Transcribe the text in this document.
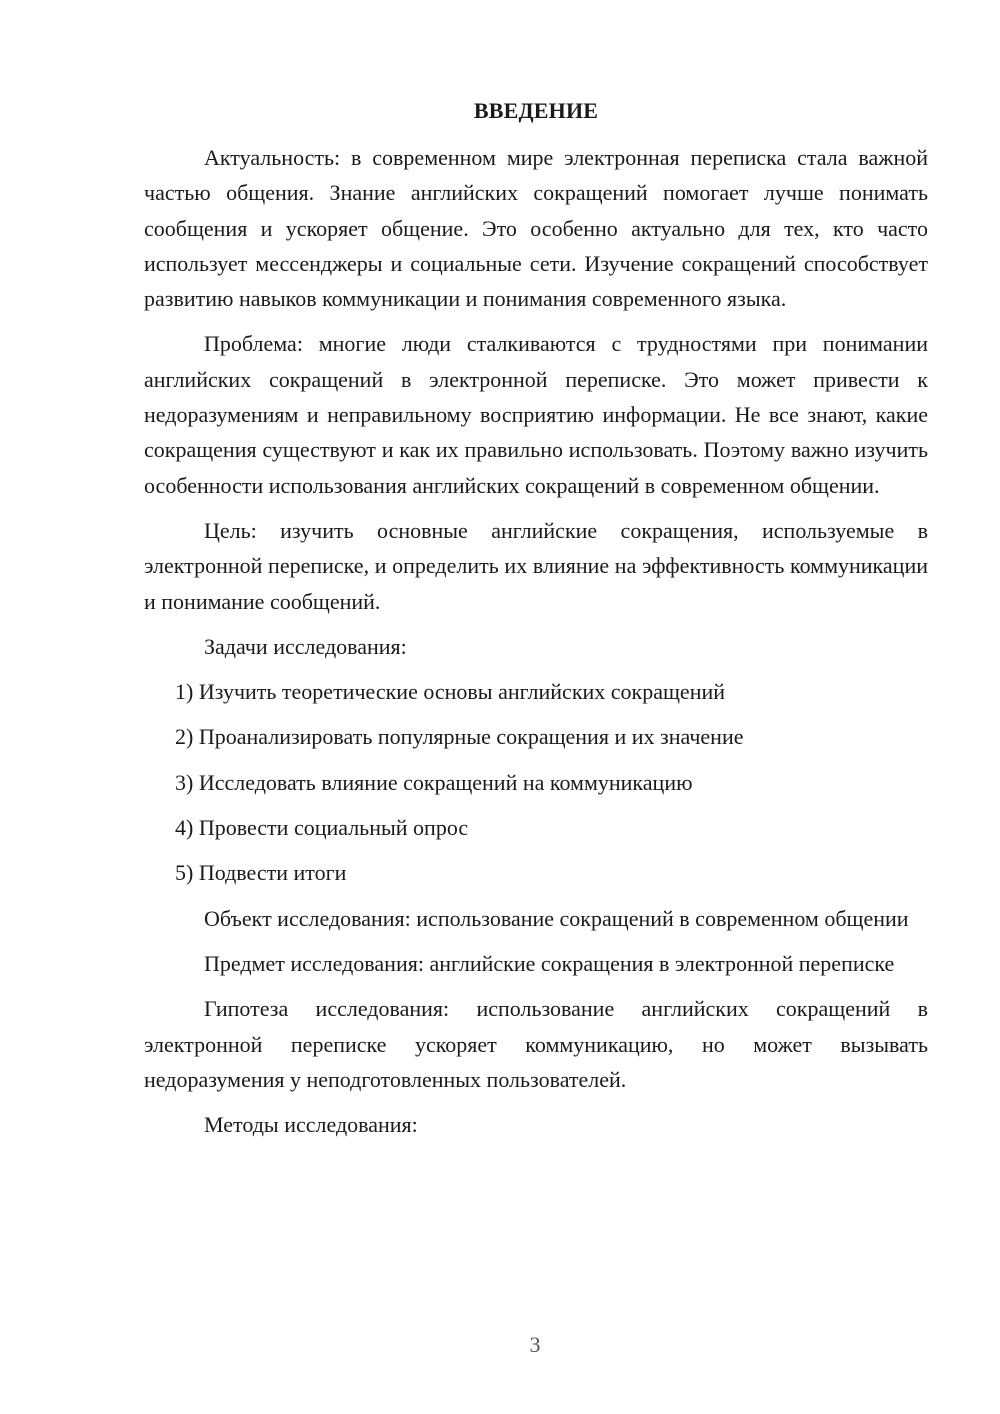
ВВЕДЕНИЕ

Актуальность: в современном мире электронная переписка стала важной частью общения. Знание английских сокращений помогает лучше понимать сообщения и ускоряет общение. Это особенно актуально для тех, кто часто использует мессенджеры и социальные сети. Изучение сокращений способствует развитию навыков коммуникации и понимания современного языка.

Проблема: многие люди сталкиваются с трудностями при понимании английских сокращений в электронной переписке. Это может привести к недоразумениям и неправильному восприятию информации. Не все знают, какие сокращения существуют и как их правильно использовать. Поэтому важно изучить особенности использования английских сокращений в современном общении.

Цель: изучить основные английские сокращения, используемые в электронной переписке, и определить их влияние на эффективность коммуникации и понимание сообщений.

Задачи исследования:

1) Изучить теоретические основы английских сокращений
2) Проанализировать популярные сокращения и их значение
3) Исследовать влияние сокращений на коммуникацию
4) Провести социальный опрос
5) Подвести итоги

Объект исследования: использование сокращений в современном общении

Предмет исследования: английские сокращения в электронной переписке

Гипотеза исследования: использование английских сокращений в электронной переписке ускоряет коммуникацию, но может вызывать недоразумения у неподготовленных пользователей.

Методы исследования:

3
